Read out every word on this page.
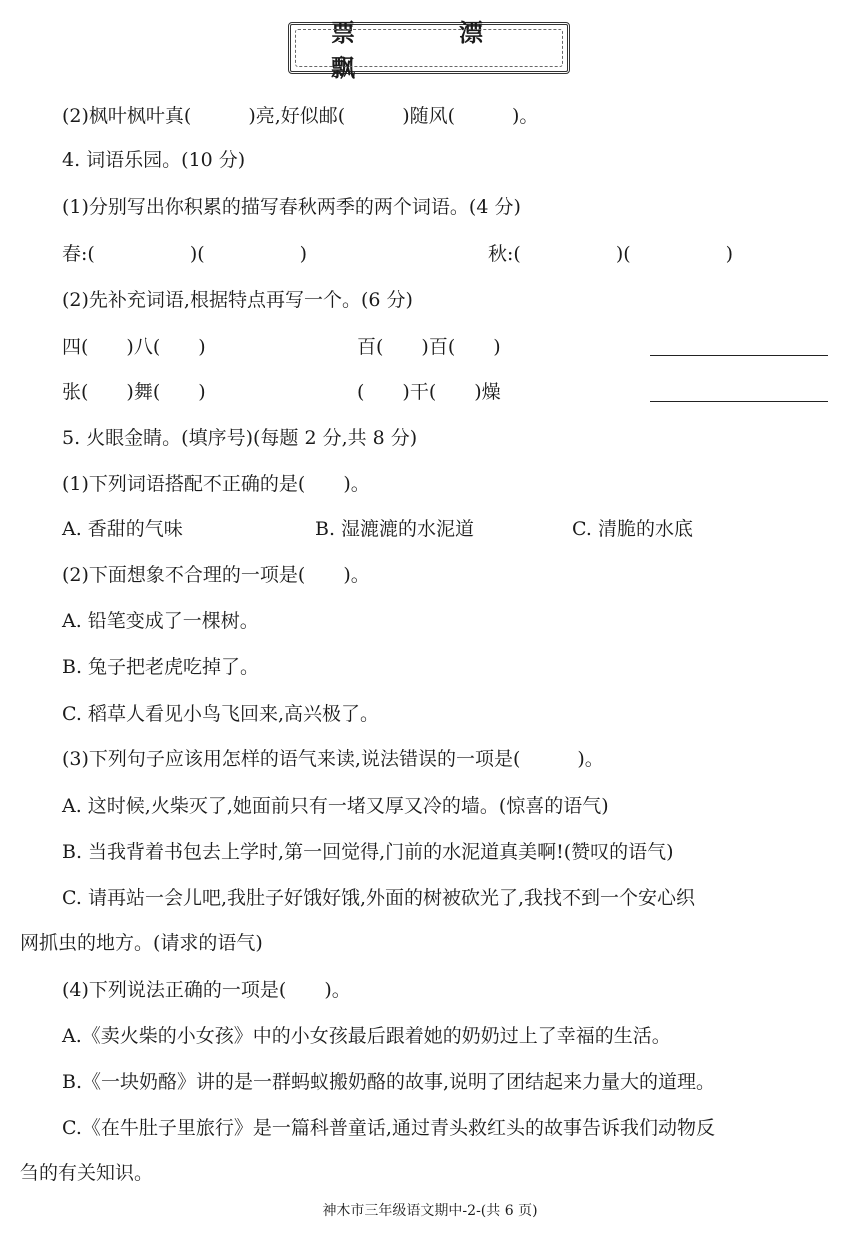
票　漂　飘
(2)枫叶枫叶真(　　　)亮,好似邮(　　　)随风(　　　)。
4. 词语乐园。(10 分)
(1)分别写出你积累的描写春秋两季的两个词语。(4 分)
春:(　　　　　)(　　　　　)	秋:(　　　　　)(　　　　　)
(2)先补充词语,根据特点再写一个。(6 分)
四(　　)八(　　)	百(　　)百(　　)
张(　　)舞(　　)	(　　)干(　　)燥
5. 火眼金睛。(填序号)(每题 2 分,共 8 分)
(1)下列词语搭配不正确的是(　　)。
A. 香甜的气味	B. 湿漉漉的水泥道	C. 清脆的水底
(2)下面想象不合理的一项是(　　)。
A. 铅笔变成了一棵树。
B. 兔子把老虎吃掉了。
C. 稻草人看见小鸟飞回来,高兴极了。
(3)下列句子应该用怎样的语气来读,说法错误的一项是(　　　)。
A. 这时候,火柴灭了,她面前只有一堵又厚又冷的墙。(惊喜的语气)
B. 当我背着书包去上学时,第一回觉得,门前的水泥道真美啊!(赞叹的语气)
C. 请再站一会儿吧,我肚子好饿好饿,外面的树被砍光了,我找不到一个安心织
网抓虫的地方。(请求的语气)
(4)下列说法正确的一项是(　　)。
A.《卖火柴的小女孩》中的小女孩最后跟着她的奶奶过上了幸福的生活。
B.《一块奶酪》讲的是一群蚂蚁搬奶酪的故事,说明了团结起来力量大的道理。
C.《在牛肚子里旅行》是一篇科普童话,通过青头救红头的故事告诉我们动物反
刍的有关知识。
神木市三年级语文期中-2-(共 6 页)
